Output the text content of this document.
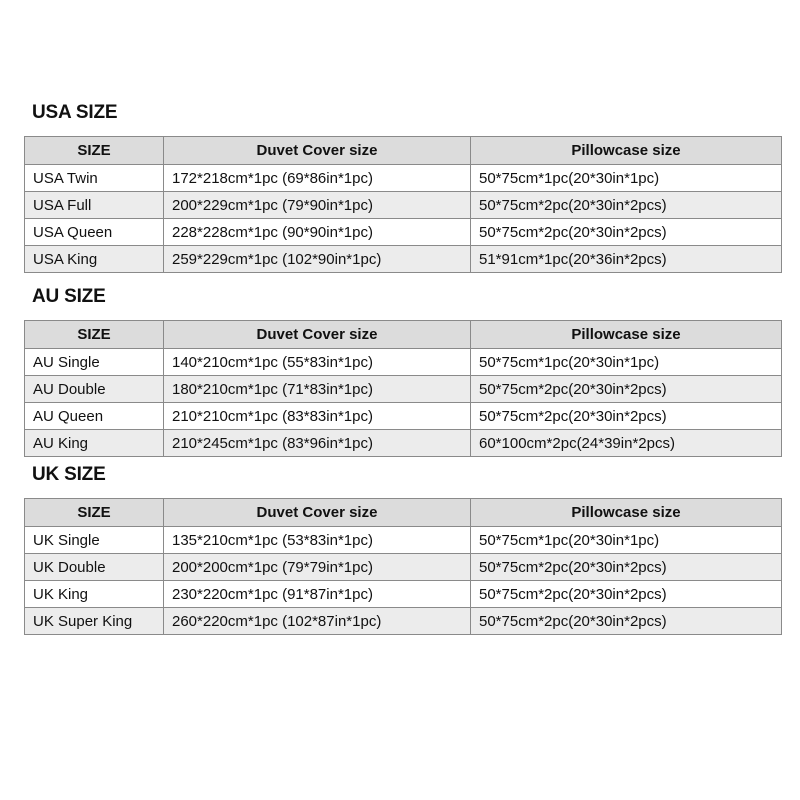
USA SIZE
SIZE	Duvet Cover size	Pillowcase size
USA Twin	172*218cm*1pc (69*86in*1pc)	50*75cm*1pc(20*30in*1pc)
USA Full	200*229cm*1pc (79*90in*1pc)	50*75cm*2pc(20*30in*2pcs)
USA Queen	228*228cm*1pc (90*90in*1pc)	50*75cm*2pc(20*30in*2pcs)
USA King	259*229cm*1pc (102*90in*1pc)	51*91cm*1pc(20*36in*2pcs)
AU SIZE
SIZE	Duvet Cover size	Pillowcase size
AU Single	140*210cm*1pc (55*83in*1pc)	50*75cm*1pc(20*30in*1pc)
AU Double	180*210cm*1pc (71*83in*1pc)	50*75cm*2pc(20*30in*2pcs)
AU Queen	210*210cm*1pc (83*83in*1pc)	50*75cm*2pc(20*30in*2pcs)
AU King	210*245cm*1pc (83*96in*1pc)	60*100cm*2pc(24*39in*2pcs)
UK SIZE
SIZE	Duvet Cover size	Pillowcase size
UK Single	135*210cm*1pc (53*83in*1pc)	50*75cm*1pc(20*30in*1pc)
UK Double	200*200cm*1pc (79*79in*1pc)	50*75cm*2pc(20*30in*2pcs)
UK King	230*220cm*1pc (91*87in*1pc)	50*75cm*2pc(20*30in*2pcs)
UK Super King	260*220cm*1pc (102*87in*1pc)	50*75cm*2pc(20*30in*2pcs)
